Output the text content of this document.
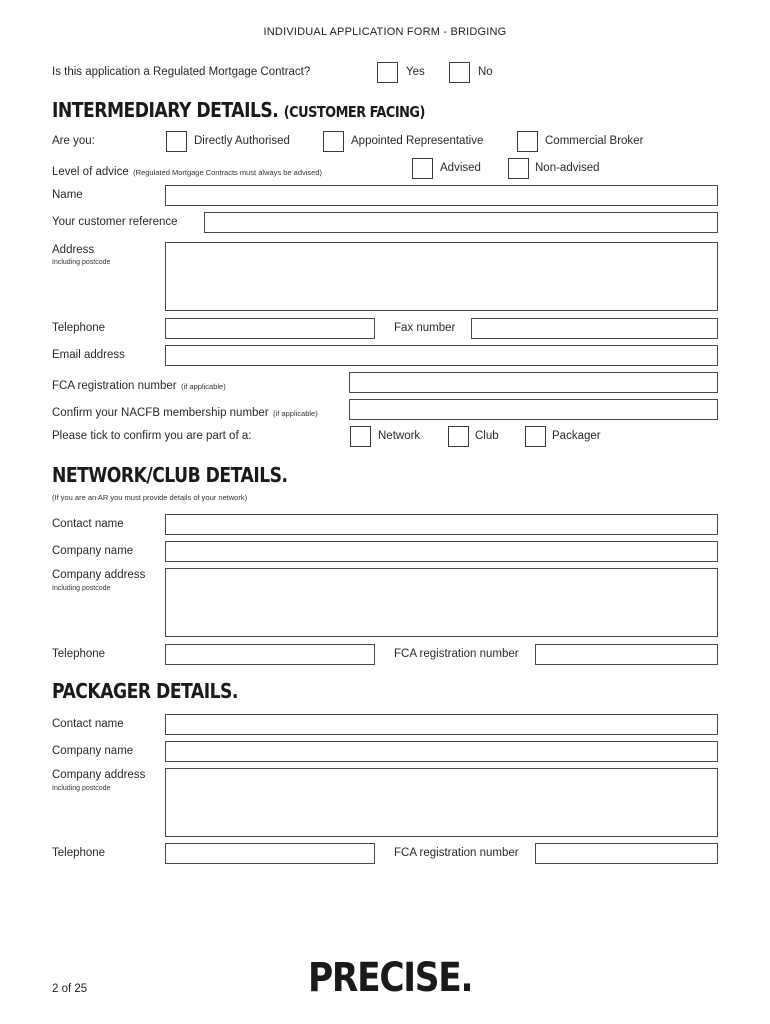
INDIVIDUAL APPLICATION FORM - BRIDGING
Is this application a Regulated Mortgage Contract?	Yes	No
INTERMEDIARY DETAILS. (CUSTOMER FACING)
Are you:	Directly Authorised	Appointed Representative	Commercial Broker
Level of advice (Regulated Mortgage Contracts must always be advised)	Advised	Non-advised
Name
Your customer reference
Address
Including postcode
Telephone	Fax number
Email address
FCA registration number (if applicable)
Confirm your NACFB membership number (if applicable)
Please tick to confirm you are part of a:	Network	Club	Packager
NETWORK/CLUB DETAILS.
(If you are an AR you must provide details of your network)
Contact name
Company name
Company address
Including postcode
Telephone	FCA registration number
PACKAGER DETAILS.
Contact name
Company name
Company address
Including postcode
Telephone	FCA registration number
2 of 25	PRECISE.
